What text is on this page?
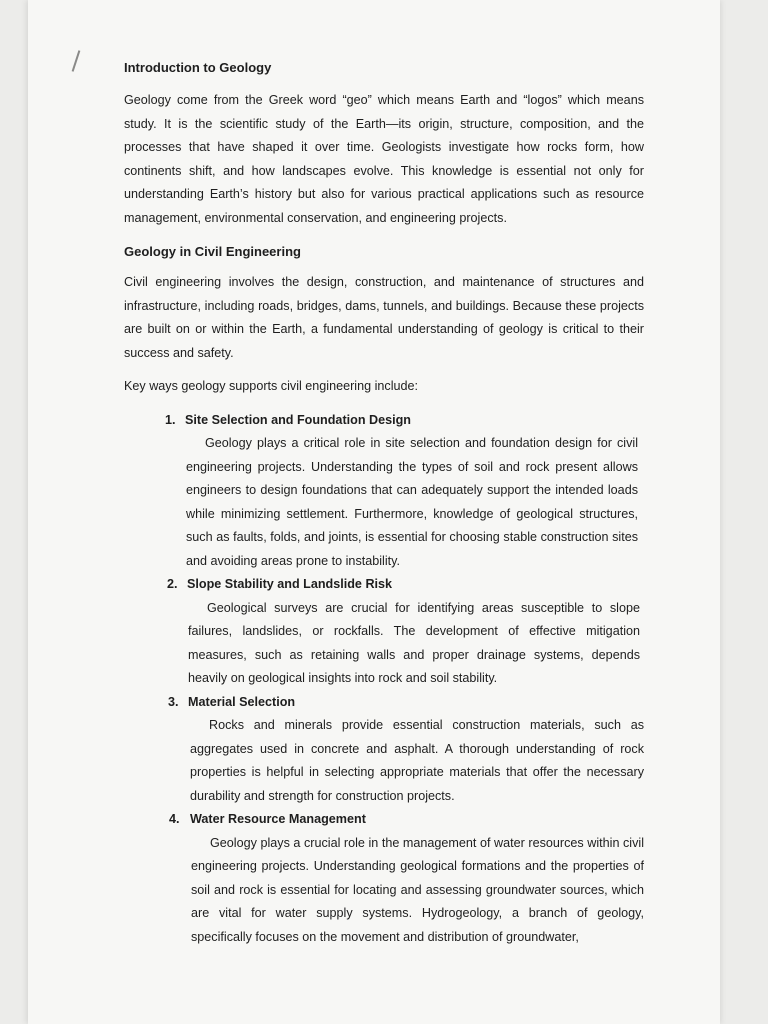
Introduction to Geology

Geology come from the Greek word “geo” which means Earth and “logos” which means study. It is the scientific study of the Earth—its origin, structure, composition, and the processes that have shaped it over time. Geologists investigate how rocks form, how continents shift, and how landscapes evolve. This knowledge is essential not only for understanding Earth’s history but also for various practical applications such as resource management, environmental conservation, and engineering projects.

Geology in Civil Engineering

Civil engineering involves the design, construction, and maintenance of structures and infrastructure, including roads, bridges, dams, tunnels, and buildings. Because these projects are built on or within the Earth, a fundamental understanding of geology is critical to their success and safety.

Key ways geology supports civil engineering include:

1. Site Selection and Foundation Design

Geology plays a critical role in site selection and foundation design for civil engineering projects. Understanding the types of soil and rock present allows engineers to design foundations that can adequately support the intended loads while minimizing settlement. Furthermore, knowledge of geological structures, such as faults, folds, and joints, is essential for choosing stable construction sites and avoiding areas prone to instability.

2. Slope Stability and Landslide Risk

Geological surveys are crucial for identifying areas susceptible to slope failures, landslides, or rockfalls. The development of effective mitigation measures, such as retaining walls and proper drainage systems, depends heavily on geological insights into rock and soil stability.

3. Material Selection

Rocks and minerals provide essential construction materials, such as aggregates used in concrete and asphalt. A thorough understanding of rock properties is helpful in selecting appropriate materials that offer the necessary durability and strength for construction projects.

4. Water Resource Management

Geology plays a crucial role in the management of water resources within civil engineering projects. Understanding geological formations and the properties of soil and rock is essential for locating and assessing groundwater sources, which are vital for water supply systems. Hydrogeology, a branch of geology, specifically focuses on the movement and distribution of groundwater,
